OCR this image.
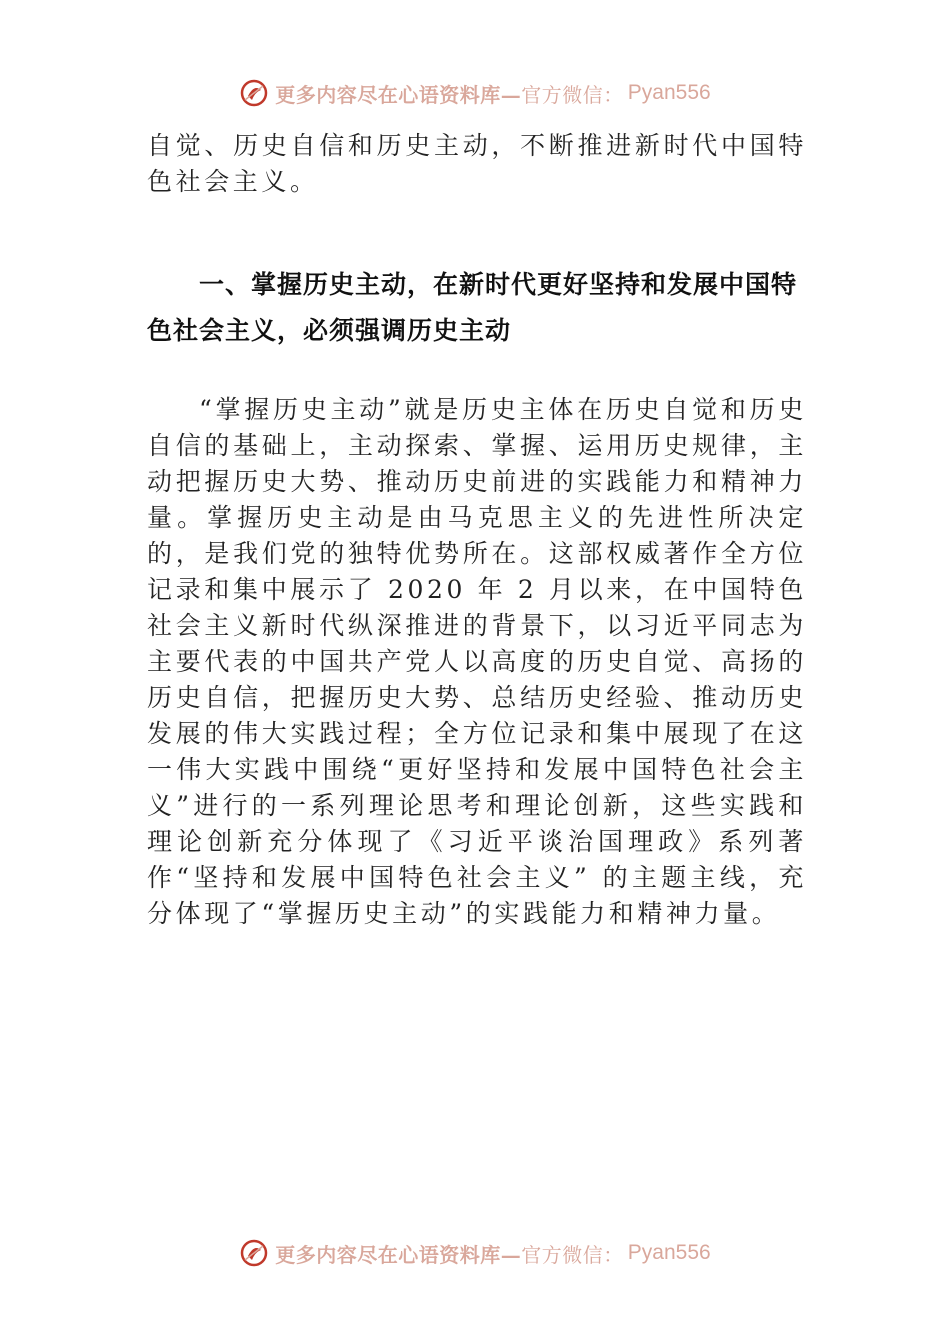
更多内容尽在心语资料库— 官方微信： Pyan556
自觉、历史自信和历史主动，不断推进新时代中国特色社会主义。
一、掌握历史主动，在新时代更好坚持和发展中国特色社会主义，必须强调历史主动
“掌握历史主动”就是历史主体在历史自觉和历史自信的基础上，主动探索、掌握、运用历史规律，主动把握历史大势、推动历史前进的实践能力和精神力量。掌握历史主动是由马克思主义的先进性所决定的，是我们党的独特优势所在。这部权威著作全方位记录和集中展示了 2020 年 2 月以来，在中国特色社会主义新时代纵深推进的背景下，以习近平同志为主要代表的中国共产党人以高度的历史自觉、高扬的历史自信，把握历史大势、总结历史经验、推动历史发展的伟大实践过程；全方位记录和集中展现了在这一伟大实践中围绕“更好坚持和发展中国特色社会主义”进行的一系列理论思考和理论创新，这些实践和理论创新充分体现了《习近平谈治国理政》系列著作“坚持和发展中国特色社会主义” 的主题主线，充分体现了“掌握历史主动”的实践能力和精神力量。
更多内容尽在心语资料库— 官方微信： Pyan556
